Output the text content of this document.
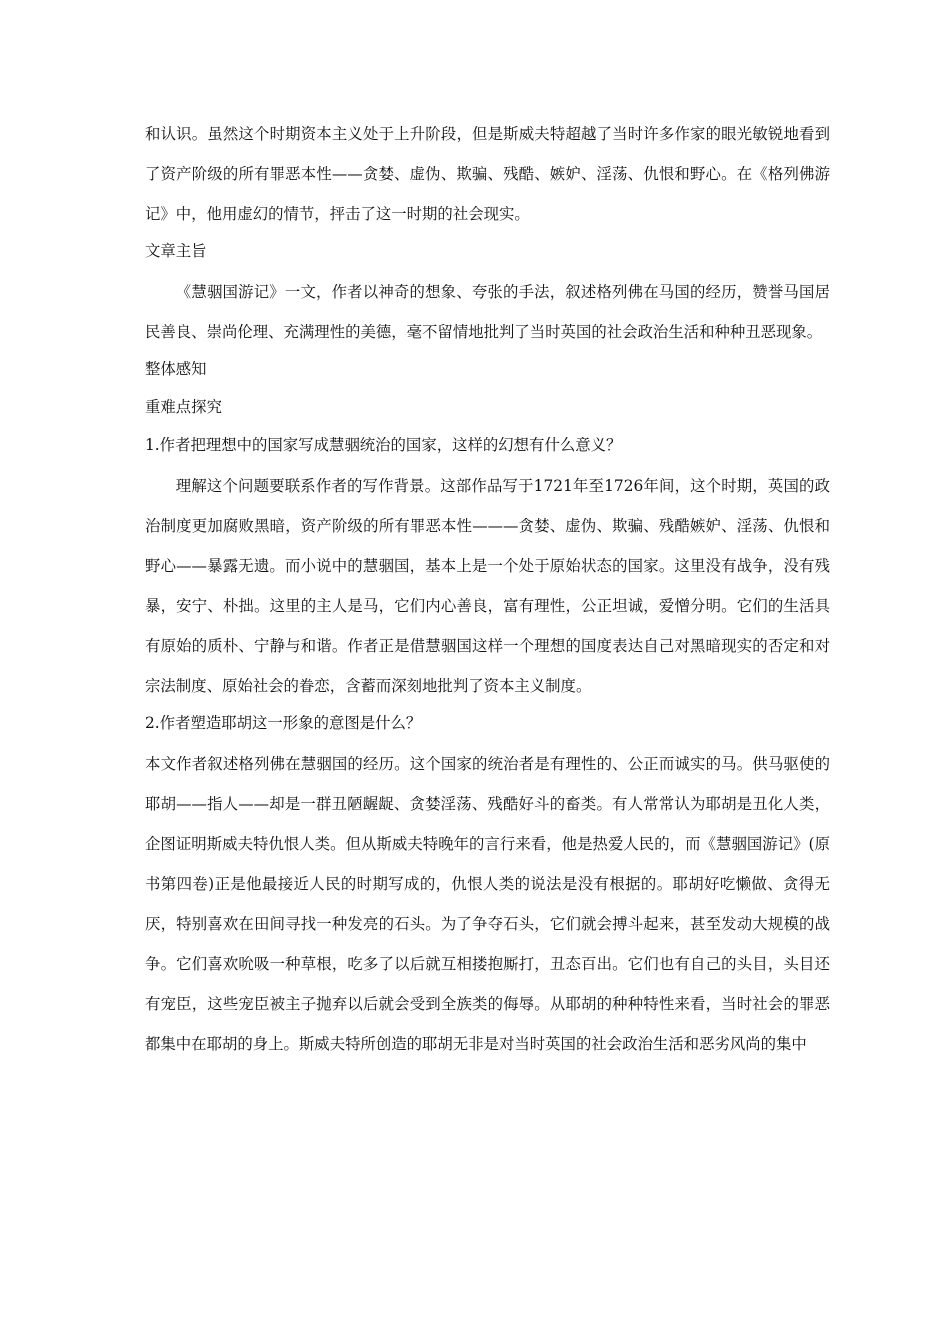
和认识。虽然这个时期资本主义处于上升阶段，但是斯威夫特超越了当时许多作家的眼光敏锐地看到了资产阶级的所有罪恶本性——贪婪、虚伪、欺骗、残酷、嫉妒、淫荡、仇恨和野心。在《格列佛游记》中，他用虚幻的情节，抨击了这一时期的社会现实。

文章主旨

《慧骃国游记》一文，作者以神奇的想象、夸张的手法，叙述格列佛在马国的经历，赞誉马国居民善良、崇尚伦理、充满理性的美德，毫不留情地批判了当时英国的社会政治生活和种种丑恶现象。

整体感知

重难点探究

1.作者把理想中的国家写成慧骃统治的国家，这样的幻想有什么意义？

理解这个问题要联系作者的写作背景。这部作品写于1721年至1726年间，这个时期，英国的政治制度更加腐败黑暗，资产阶级的所有罪恶本性———贪婪、虚伪、欺骗、残酷嫉妒、淫荡、仇恨和野心——暴露无遗。而小说中的慧骃国，基本上是一个处于原始状态的国家。这里没有战争，没有残暴，安宁、朴拙。这里的主人是马，它们内心善良，富有理性，公正坦诚，爱憎分明。它们的生活具有原始的质朴、宁静与和谐。作者正是借慧骃国这样一个理想的国度表达自己对黑暗现实的否定和对宗法制度、原始社会的眷恋，含蓄而深刻地批判了资本主义制度。

2.作者塑造耶胡这一形象的意图是什么？

本文作者叙述格列佛在慧骃国的经历。这个国家的统治者是有理性的、公正而诚实的马。供马驱使的耶胡——指人——却是一群丑陋龌龊、贪婪淫荡、残酷好斗的畜类。有人常常认为耶胡是丑化人类，企图证明斯威夫特仇恨人类。但从斯威夫特晚年的言行来看，他是热爱人民的，而《慧骃国游记》(原书第四卷)正是他最接近人民的时期写成的，仇恨人类的说法是没有根据的。耶胡好吃懒做、贪得无厌，特别喜欢在田间寻找一种发亮的石头。为了争夺石头，它们就会搏斗起来，甚至发动大规模的战争。它们喜欢吮吸一种草根，吃多了以后就互相搂抱厮打，丑态百出。它们也有自己的头目，头目还有宠臣，这些宠臣被主子抛弃以后就会受到全族类的侮辱。从耶胡的种种特性来看，当时社会的罪恶都集中在耶胡的身上。斯威夫特所创造的耶胡无非是对当时英国的社会政治生活和恶劣风尚的集中
